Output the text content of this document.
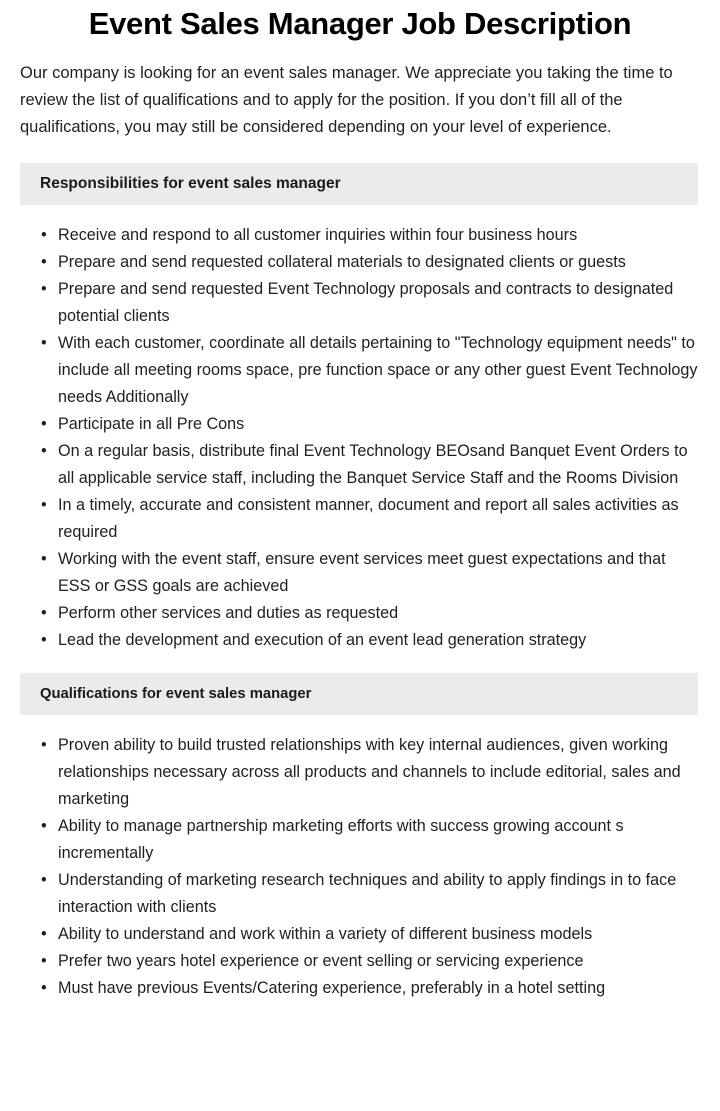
Event Sales Manager Job Description

Our company is looking for an event sales manager. We appreciate you taking the time to review the list of qualifications and to apply for the position. If you don’t fill all of the qualifications, you may still be considered depending on your level of experience.

Responsibilities for event sales manager
• Receive and respond to all customer inquiries within four business hours
• Prepare and send requested collateral materials to designated clients or guests
• Prepare and send requested Event Technology proposals and contracts to designated potential clients
• With each customer, coordinate all details pertaining to "Technology equipment needs" to include all meeting rooms space, pre function space or any other guest Event Technology needs Additionally
• Participate in all Pre Cons
• On a regular basis, distribute final Event Technology BEOsand Banquet Event Orders to all applicable service staff, including the Banquet Service Staff and the Rooms Division
• In a timely, accurate and consistent manner, document and report all sales activities as required
• Working with the event staff, ensure event services meet guest expectations and that ESS or GSS goals are achieved
• Perform other services and duties as requested
• Lead the development and execution of an event lead generation strategy
Qualifications for event sales manager
• Proven ability to build trusted relationships with key internal audiences, given working relationships necessary across all products and channels to include editorial, sales and marketing
• Ability to manage partnership marketing efforts with success growing account s incrementally
• Understanding of marketing research techniques and ability to apply findings in to face interaction with clients
• Ability to understand and work within a variety of different business models
• Prefer two years hotel experience or event selling or servicing experience
• Must have previous Events/Catering experience, preferably in a hotel setting
